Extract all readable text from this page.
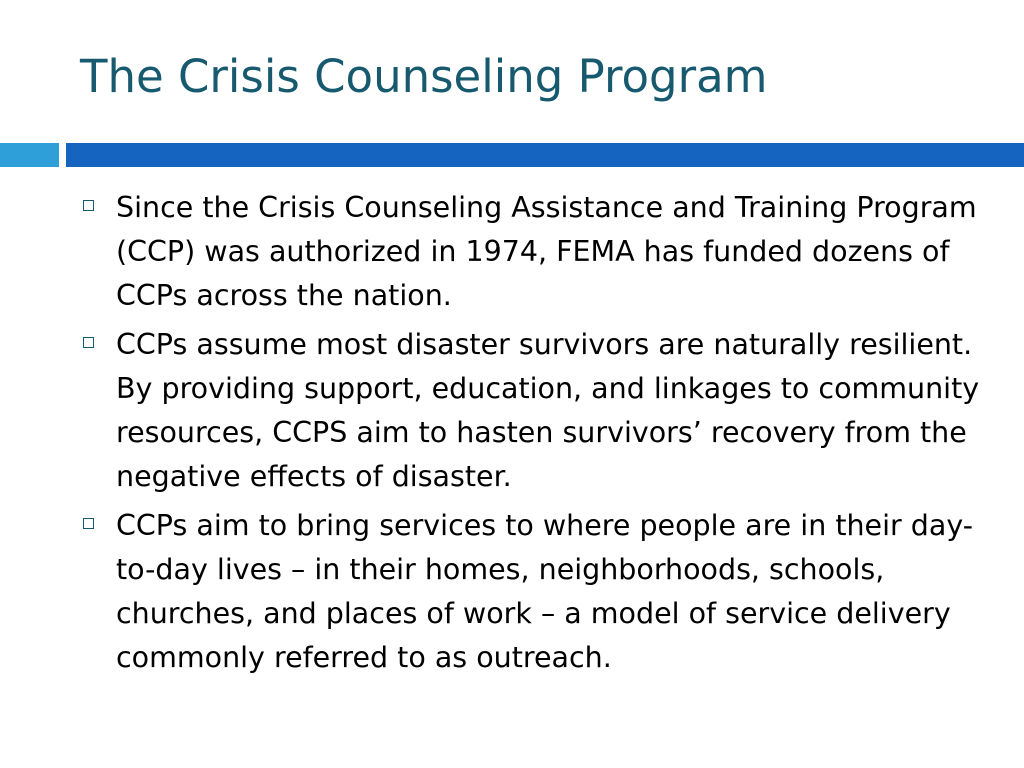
The Crisis Counseling Program
Since the Crisis Counseling Assistance and Training Program (CCP) was authorized in 1974, FEMA has funded dozens of CCPs across the nation.
CCPs assume most disaster survivors are naturally resilient. By providing support, education, and linkages to community resources, CCPS aim to hasten survivors’ recovery from the negative effects of disaster.
CCPs aim to bring services to where people are in their day-to-day lives – in their homes, neighborhoods, schools, churches, and places of work – a model of service delivery commonly referred to as outreach.
